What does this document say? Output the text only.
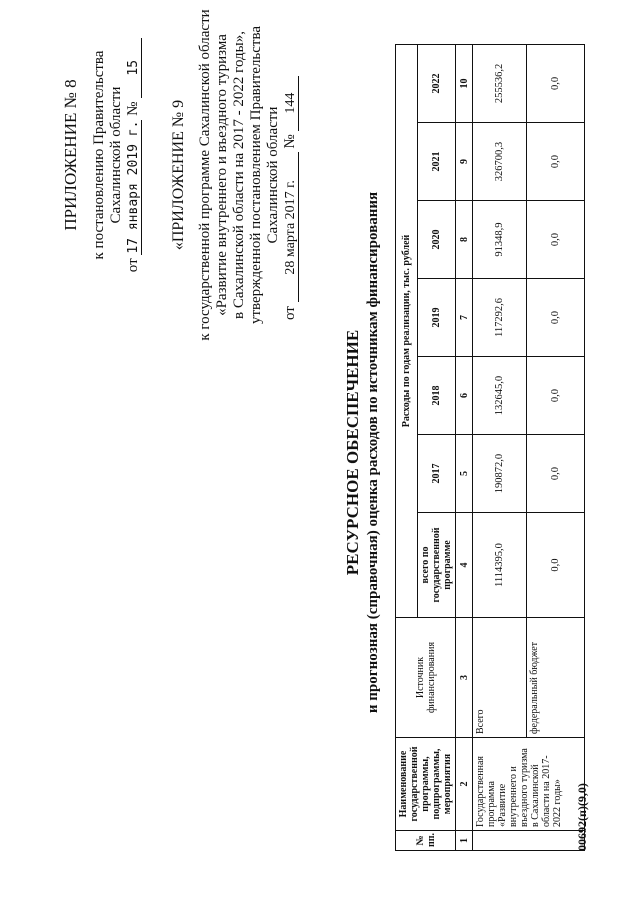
ПРИЛОЖЕНИЕ № 8 к постановлению Правительства Сахалинской области
от 17 января 2019 г. № 15
«ПРИЛОЖЕНИЕ № 9 к государственной программе Сахалинской области «Развитие внутреннего и въездного туризма в Сахалинской области на 2017 - 2022 годы», утвержденной постановлением Правительства Сахалинской области
от 28 марта 2017 г. № 144
РЕСУРСНОЕ ОБЕСПЕЧЕНИЕ и прогнозная (справочная) оценка расходов по источникам финансирования
№ пп.	Наименование государственной программы, подпрограммы, мероприятия	Источник финансирования	Расходы по годам реализации, тыс. рублей						
			всего по государственной программе	2017	2018	2019	2020	2021	2022
1	2	3	4	5	6	7	8	9	10
	Государственная программа «Развитие внутреннего и въездного туризма в Сахалинской области на 2017-2022 годы»	Всего	1114395,0	190872,0	132645,0	117292,6	91348,9	326700,3	255536,2
		федеральный бюджет	0,0	0,0	0,0	0,0	0,0	0,0	0,0
00692(п)(9,0)
